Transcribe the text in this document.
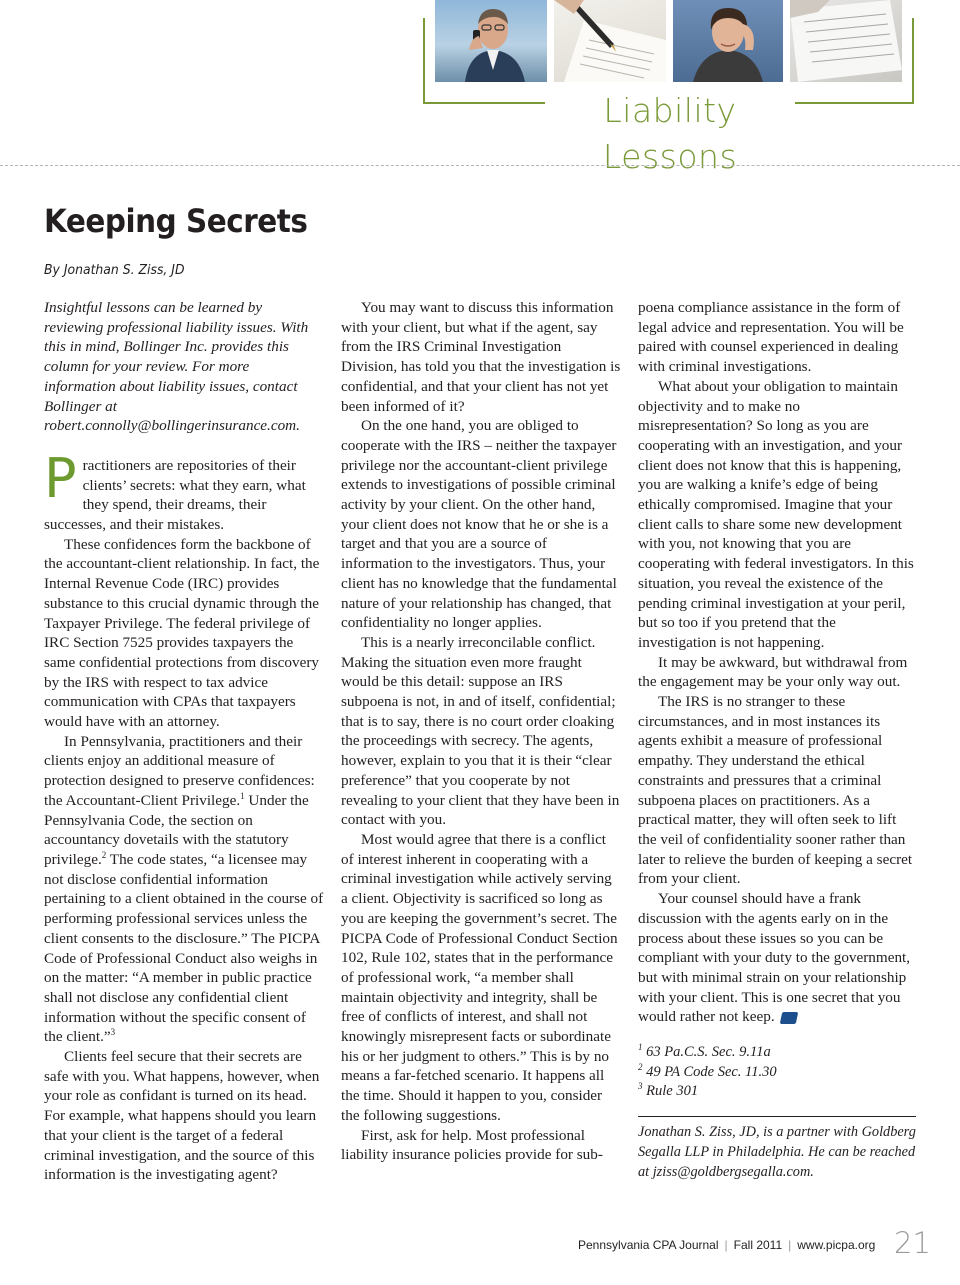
Liability Lessons
Keeping Secrets
By Jonathan S. Ziss, JD

Insightful lessons can be learned by reviewing professional liability issues. With this in mind, Bollinger Inc. provides this column for your review. For more information about liability issues, contact Bollinger at robert.connolly@bollingerinsurance.com.

Practitioners are repositories of their clients’ secrets: what they earn, what they spend, their dreams, their successes, and their mistakes.

These confidences form the backbone of the accountant-client relationship. In fact, the Internal Revenue Code (IRC) provides substance to this crucial dynamic through the Taxpayer Privilege. The federal privilege of IRC Section 7525 provides taxpayers the same confidential protections from discovery by the IRS with respect to tax advice communication with CPAs that taxpayers would have with an attorney.

In Pennsylvania, practitioners and their clients enjoy an additional measure of protection designed to preserve confidences: the Accountant-Client Privilege.$^1$ Under the Pennsylvania Code, the section on accountancy dovetails with the statutory privilege.$^2$ The code states, “a licensee may not disclose confidential information pertaining to a client obtained in the course of performing professional services unless the client consents to the disclosure.” The PICPA Code of Professional Conduct also weighs in on the matter: “A member in public practice shall not disclose any confidential client information without the specific consent of the client.”$^3$

Clients feel secure that their secrets are safe with you. What happens, however, when your role as confidant is turned on its head. For example, what happens should you learn that your client is the target of a federal criminal investigation, and the source of this information is the investigating agent?

You may want to discuss this information with your client, but what if the agent, say from the IRS Criminal Investigation Division, has told you that the investigation is confidential, and that your client has not yet been informed of it?

On the one hand, you are obliged to cooperate with the IRS – neither the taxpayer privilege nor the accountant-client privilege extends to investigations of possible criminal activity by your client. On the other hand, your client does not know that he or she is a target and that you are a source of information to the investigators. Thus, your client has no knowledge that the fundamental nature of your relationship has changed, that confidentiality no longer applies.

This is a nearly irreconcilable conflict. Making the situation even more fraught would be this detail: suppose an IRS subpoena is not, in and of itself, confidential; that is to say, there is no court order cloaking the proceedings with secrecy. The agents, however, explain to you that it is their “clear preference” that you cooperate by not revealing to your client that they have been in contact with you.

Most would agree that there is a conflict of interest inherent in cooperating with a criminal investigation while actively serving a client. Objectivity is sacrificed so long as you are keeping the government’s secret. The PICPA Code of Professional Conduct Section 102, Rule 102, states that in the performance of professional work, “a member shall maintain objectivity and integrity, shall be free of conflicts of interest, and shall not knowingly misrepresent facts or subordinate his or her judgment to others.” This is by no means a far-fetched scenario. It happens all the time. Should it happen to you, consider the following suggestions.

First, ask for help. Most professional liability insurance policies provide for sub-

poena compliance assistance in the form of legal advice and representation. You will be paired with counsel experienced in dealing with criminal investigations.

What about your obligation to maintain objectivity and to make no misrepresentation? So long as you are cooperating with an investigation, and your client does not know that this is happening, you are walking a knife’s edge of being ethically compromised. Imagine that your client calls to share some new development with you, not knowing that you are cooperating with federal investigators. In this situation, you reveal the existence of the pending criminal investigation at your peril, but so too if you pretend that the investigation is not happening.

It may be awkward, but withdrawal from the engagement may be your only way out.

The IRS is no stranger to these circumstances, and in most instances its agents exhibit a measure of professional empathy. They understand the ethical constraints and pressures that a criminal subpoena places on practitioners. As a practical matter, they will often seek to lift the veil of confidentiality sooner rather than later to relieve the burden of keeping a secret from your client.

Your counsel should have a frank discussion with the agents early on in the process about these issues so you can be compliant with your duty to the government, but with minimal strain on your relationship with your client. This is one secret that you would rather not keep. P

$^1$ 63 Pa.C.S. Sec. 9.11a

$^2$ 49 PA Code Sec. 11.30

$^3$ Rule 301

Jonathan S. Ziss, JD, is a partner with Goldberg Segalla LLP in Philadelphia. He can be reached at jziss@goldbergsegalla.com.

Pennsylvania CPA Journal | Fall 2011 | www.picpa.org 21
